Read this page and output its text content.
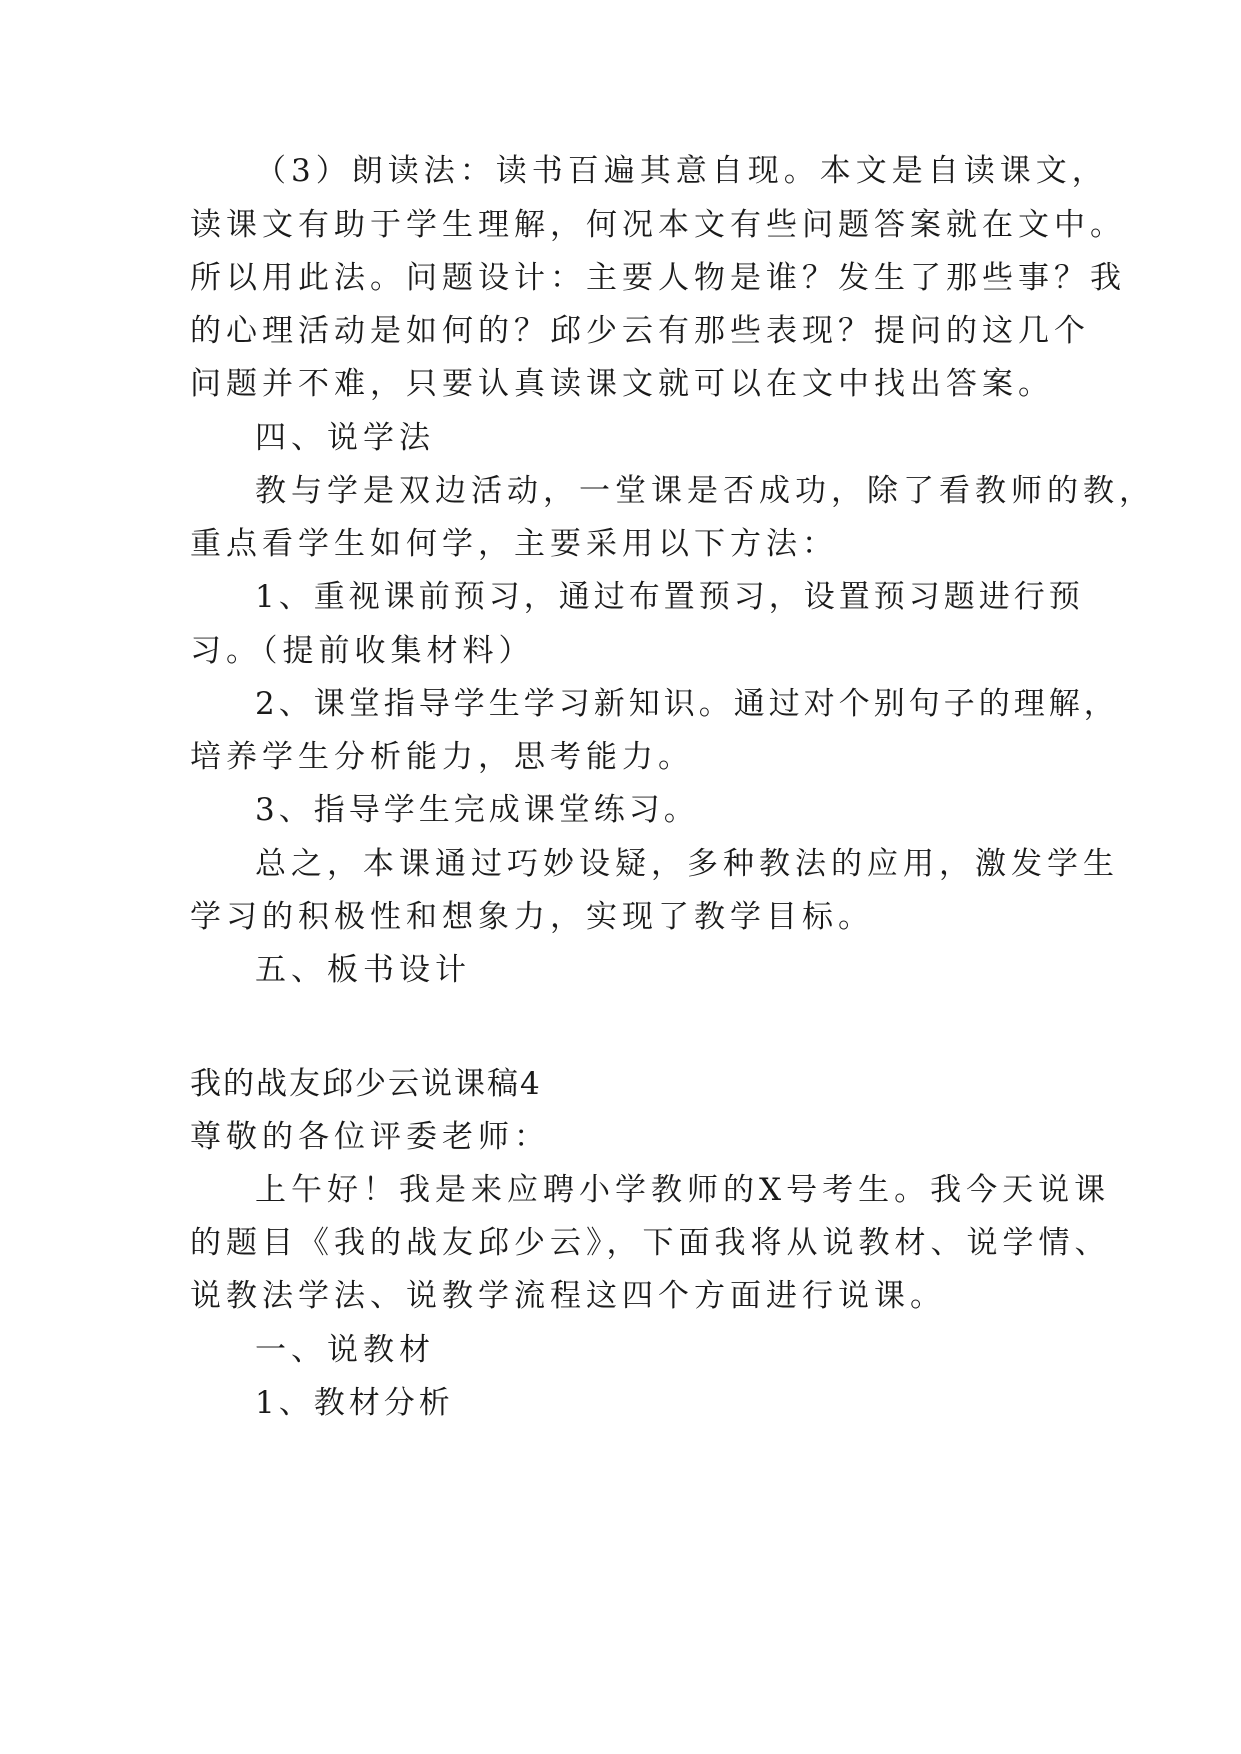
（3）朗读法：读书百遍其意自现。本文是自读课文，
读课文有助于学生理解，何况本文有些问题答案就在文中。
所以用此法。问题设计：主要人物是谁？发生了那些事？我
的心理活动是如何的？邱少云有那些表现？提问的这几个
问题并不难，只要认真读课文就可以在文中找出答案。
四、说学法
教与学是双边活动，一堂课是否成功，除了看教师的教，
重点看学生如何学，主要采用以下方法：
1、重视课前预习，通过布置预习，设置预习题进行预
习。（提前收集材料）
2、课堂指导学生学习新知识。通过对个别句子的理解，
培养学生分析能力，思考能力。
3、指导学生完成课堂练习。
总之，本课通过巧妙设疑，多种教法的应用，激发学生
学习的积极性和想象力，实现了教学目标。
五、板书设计
我的战友邱少云说课稿4
尊敬的各位评委老师：
上午好！我是来应聘小学教师的X号考生。我今天说课
的题目《我的战友邱少云》，下面我将从说教材、说学情、
说教法学法、说教学流程这四个方面进行说课。
一、说教材
1、教材分析
